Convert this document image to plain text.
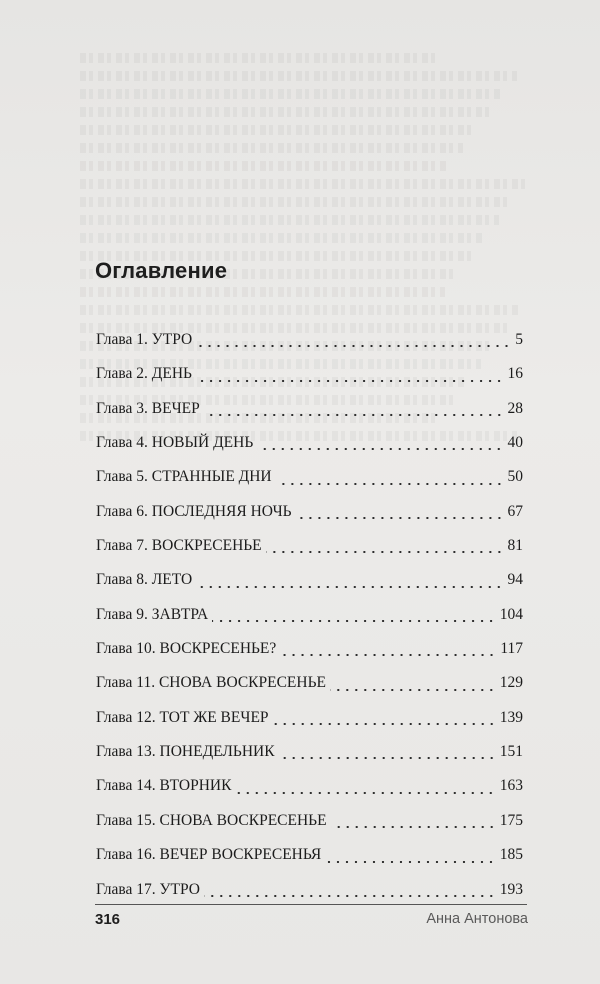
Оглавление
Глава 1. УТРО	5
Глава 2. ДЕНЬ	16
Глава 3. ВЕЧЕР	28
Глава 4. НОВЫЙ ДЕНЬ	40
Глава 5. СТРАННЫЕ ДНИ	50
Глава 6. ПОСЛЕДНЯЯ НОЧЬ	67
Глава 7. ВОСКРЕСЕНЬЕ	81
Глава 8. ЛЕТО	94
Глава 9. ЗАВТРА	104
Глава 10. ВОСКРЕСЕНЬЕ?	117
Глава 11. СНОВА ВОСКРЕСЕНЬЕ	129
Глава 12. ТОТ ЖЕ ВЕЧЕР	139
Глава 13. ПОНЕДЕЛЬНИК	151
Глава 14. ВТОРНИК	163
Глава 15. СНОВА ВОСКРЕСЕНЬЕ	175
Глава 16. ВЕЧЕР ВОСКРЕСЕНЬЯ	185
Глава 17. УТРО	193
316	Анна Антонова
